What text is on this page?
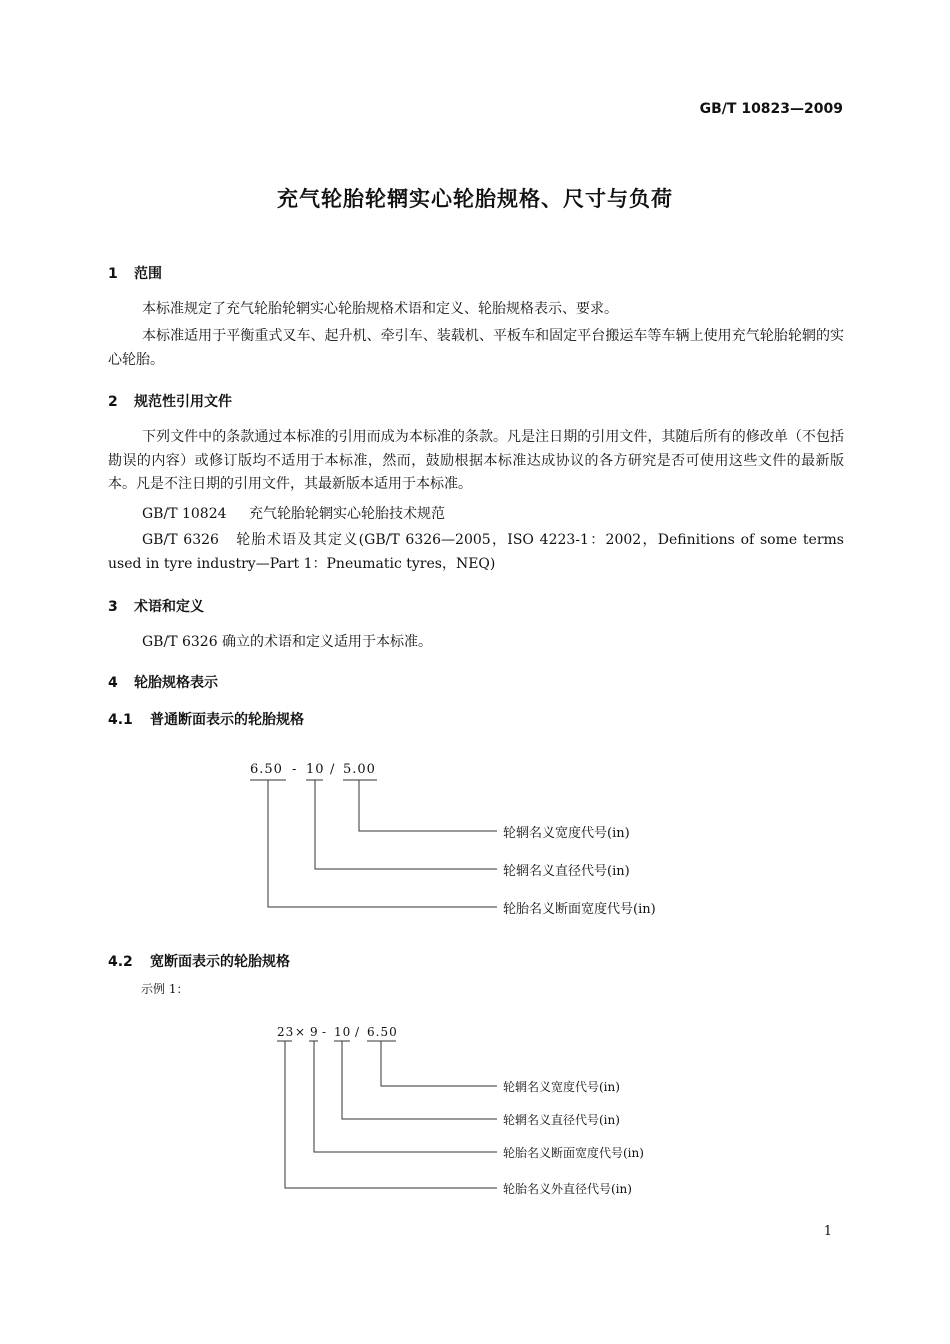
GB/T 10823—2009
充气轮胎轮辋实心轮胎规格、尺寸与负荷
1 范围
本标准规定了充气轮胎轮辋实心轮胎规格术语和定义、轮胎规格表示、要求。
本标准适用于平衡重式叉车、起升机、牵引车、装载机、平板车和固定平台搬运车等车辆上使用充气轮胎轮辋的实心轮胎。
2 规范性引用文件
下列文件中的条款通过本标准的引用而成为本标准的条款。凡是注日期的引用文件，其随后所有的修改单（不包括勘误的内容）或修订版均不适用于本标准，然而，鼓励根据本标准达成协议的各方研究是否可使用这些文件的最新版本。凡是不注日期的引用文件，其最新版本适用于本标准。
GB/T 10824 充气轮胎轮辋实心轮胎技术规范
GB/T 6326 轮胎术语及其定义(GB/T 6326—2005，ISO 4223-1：2002，Definitions of some terms used in tyre industry—Part 1：Pneumatic tyres，NEQ)
3 术语和定义
GB/T 6326 确立的术语和定义适用于本标准。
4 轮胎规格表示
4.1 普通断面表示的轮胎规格
6.50 - 10 / 5.00
轮辋名义宽度代号(in)
轮辋名义直径代号(in)
轮胎名义断面宽度代号(in)
4.2 宽断面表示的轮胎规格
示例 1：
23 × 9 - 10 / 6.50
轮辋名义宽度代号(in)
轮辋名义直径代号(in)
轮胎名义断面宽度代号(in)
轮胎名义外直径代号(in)
1
